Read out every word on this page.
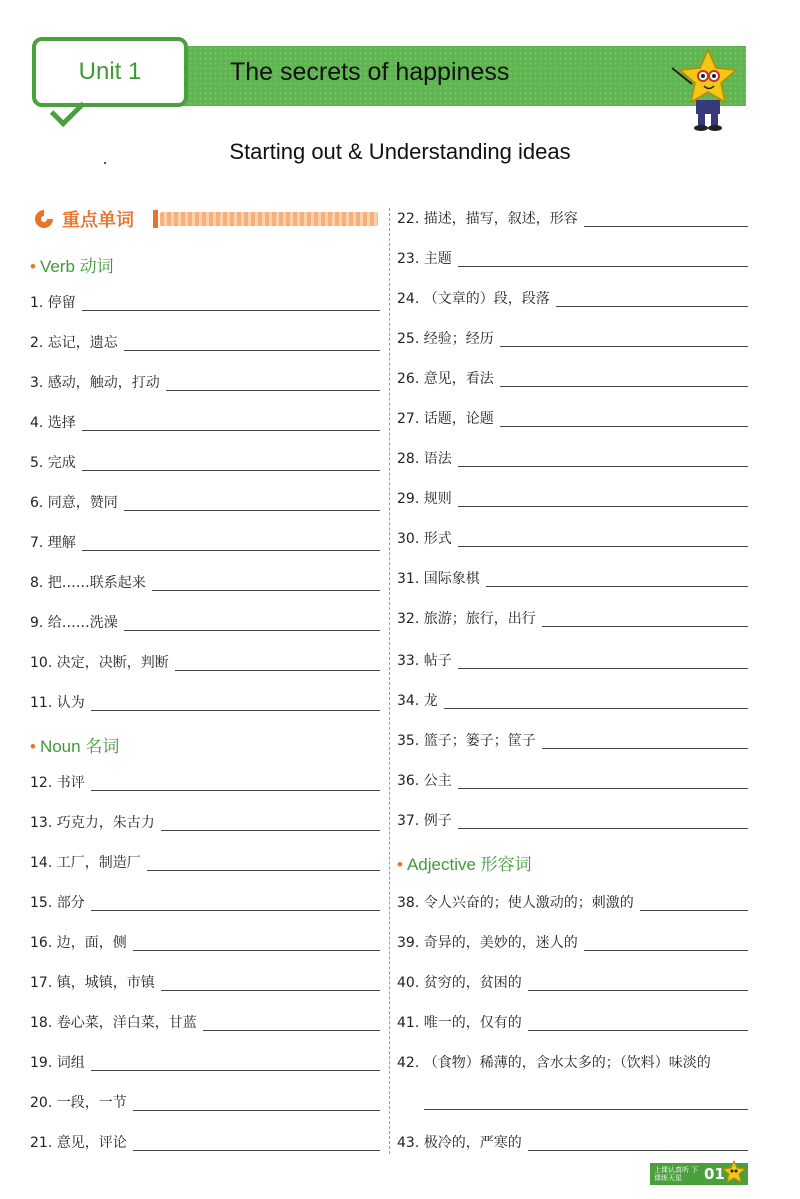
Unit 1	The secrets of happiness
Starting out & Understanding ideas
重点单词
• Verb 动词
1. 停留
2. 忘记，遗忘
3. 感动，触动，打动
4. 选择
5. 完成
6. 同意，赞同
7. 理解
8. 把……联系起来
9. 给……洗澡
10. 决定，决断，判断
11. 认为
• Noun 名词
12. 书评
13. 巧克力，朱古力
14. 工厂，制造厂
15. 部分
16. 边，面，侧
17. 镇，城镇，市镇
18. 卷心菜，洋白菜，甘蓝
19. 词组
20. 一段，一节
21. 意见，评论
22. 描述，描写，叙述，形容
23. 主题
24. （文章的）段，段落
25. 经验；经历
26. 意见，看法
27. 话题，论题
28. 语法
29. 规则
30. 形式
31. 国际象棋
32. 旅游；旅行，出行
33. 帖子
34. 龙
35. 篮子；篓子；筐子
36. 公主
37. 例子
• Adjective 形容词
38. 令人兴奋的；使人激动的；刺激的
39. 奇异的，美妙的，迷人的
40. 贫穷的，贫困的
41. 唯一的，仅有的
42. （食物）稀薄的，含水太多的；（饮料）味淡的
43. 极冷的，严寒的
上课认真听 下课练天星	01
